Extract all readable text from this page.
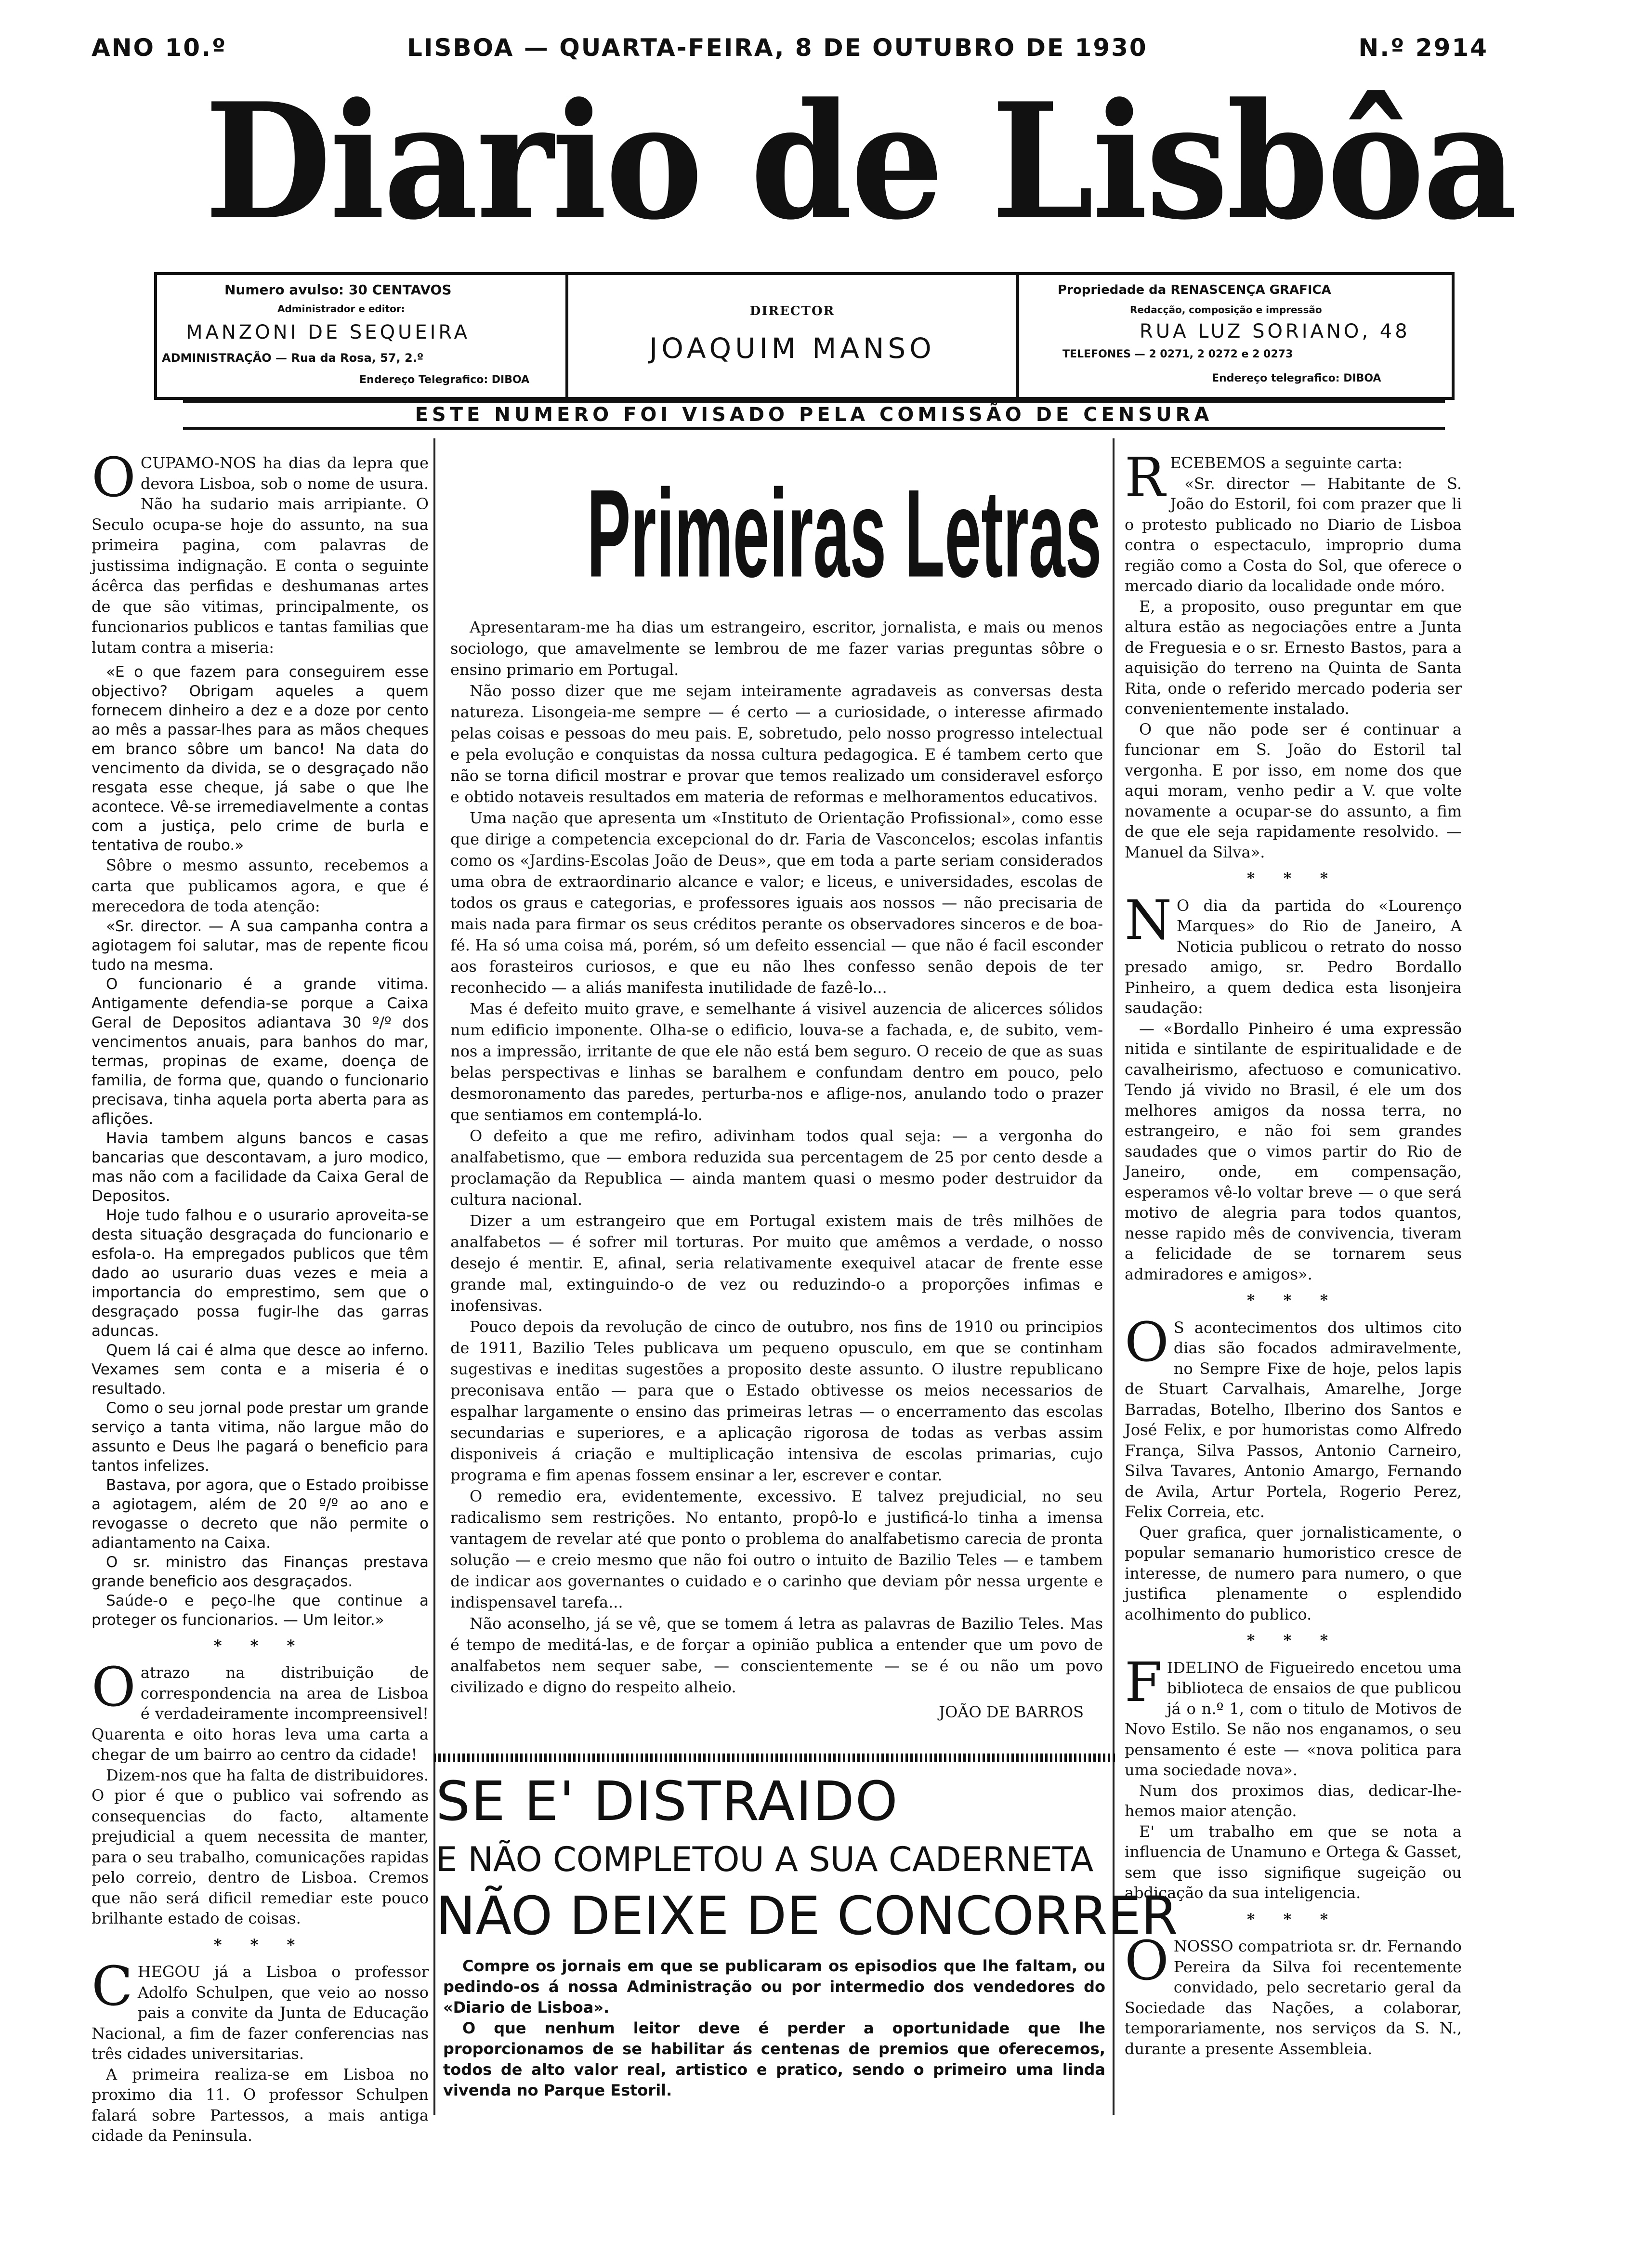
ANO 10.º	LISBOA — QUARTA-FEIRA, 8 DE OUTUBRO DE 1930	N.º 2914
Diario de Lisbôa
Numero avulso: 30 CENTAVOS
Administrador e editor:
MANZONI DE SEQUEIRA
ADMINISTRAÇÃO — Rua da Rosa, 57, 2.º
Endereço Telegrafico: DIBOA
DIRECTOR
JOAQUIM MANSO
Propriedade da RENASCENÇA GRAFICA
Redacção, composição e impressão
RUA LUZ SORIANO, 48
TELEFONES — 2 0271, 2 0272 e 2 0273
Endereço telegrafico: DIBOA
ESTE NUMERO FOI VISADO PELA COMISSÃO DE CENSURA

OCUPAMO-NOS ha dias da lepra que devora Lisboa, sob o nome de usura. Não ha sudario mais arripiante. O Seculo ocupa-se hoje do assunto, na sua primeira pagina, com palavras de justissima indignação. E conta o seguinte ácêrca das perfidas e deshumanas artes de que são vitimas, principalmente, os funcionarios publicos e tantas familias que lutam contra a miseria:

«E o que fazem para conseguirem esse objectivo? Obrigam aqueles a quem fornecem dinheiro a dez e a doze por cento ao mês a passar-lhes para as mãos cheques em branco sôbre um banco! Na data do vencimento da divida, se o desgraçado não resgata esse cheque, já sabe o que lhe acontece. Vê-se irremediavelmente a contas com a justiça, pelo crime de burla e tentativa de roubo.»

Sôbre o mesmo assunto, recebemos a carta que publicamos agora, e que é merecedora de toda atenção:

«Sr. director. — A sua campanha contra a agiotagem foi salutar, mas de repente ficou tudo na mesma.

O funcionario é a grande vitima. Antigamente defendia-se porque a Caixa Geral de Depositos adiantava 30 º/º dos vencimentos anuais, para banhos do mar, termas, propinas de exame, doença de familia, de forma que, quando o funcionario precisava, tinha aquela porta aberta para as aflições.

Havia tambem alguns bancos e casas bancarias que descontavam, a juro modico, mas não com a facilidade da Caixa Geral de Depositos.

Hoje tudo falhou e o usurario aproveita-se desta situação desgraçada do funcionario e esfola-o. Ha empregados publicos que têm dado ao usurario duas vezes e meia a importancia do emprestimo, sem que o desgraçado possa fugir-lhe das garras aduncas.

Quem lá cai é alma que desce ao inferno. Vexames sem conta e a miseria é o resultado.

Como o seu jornal pode prestar um grande serviço a tanta vitima, não largue mão do assunto e Deus lhe pagará o beneficio para tantos infelizes.

Bastava, por agora, que o Estado proibisse a agiotagem, além de 20 º/º ao ano e revogasse o decreto que não permite o adiantamento na Caixa.

O sr. ministro das Finanças prestava grande beneficio aos desgraçados.

Saúde-o e peço-lhe que continue a proteger os funcionarios. — Um leitor.»

* * *

Oatrazo na distribuição de correspondencia na area de Lisboa é verdadeiramente incompreensivel! Quarenta e oito horas leva uma carta a chegar de um bairro ao centro da cidade!

Dizem-nos que ha falta de distribuidores. O pior é que o publico vai sofrendo as consequencias do facto, altamente prejudicial a quem necessita de manter, para o seu trabalho, comunicações rapidas pelo correio, dentro de Lisboa. Cremos que não será dificil remediar este pouco brilhante estado de coisas.

* * *

CHEGOU já a Lisboa o professor Adolfo Schulpen, que veio ao nosso pais a convite da Junta de Educação Nacional, a fim de fazer conferencias nas três cidades universitarias.

A primeira realiza-se em Lisboa no proximo dia 11. O professor Schulpen falará sobre Partessos, a mais antiga cidade da Peninsula.

Primeiras Letras

Apresentaram-me ha dias um estrangeiro, escritor, jornalista, e mais ou menos sociologo, que amavelmente se lembrou de me fazer varias preguntas sôbre o ensino primario em Portugal.

Não posso dizer que me sejam inteiramente agradaveis as conversas desta natureza. Lisongeia-me sempre — é certo — a curiosidade, o interesse afirmado pelas coisas e pessoas do meu pais. E, sobretudo, pelo nosso progresso intelectual e pela evolução e conquistas da nossa cultura pedagogica. E é tambem certo que não se torna dificil mostrar e provar que temos realizado um consideravel esforço e obtido notaveis resultados em materia de reformas e melhoramentos educativos.

Uma nação que apresenta um «Instituto de Orientação Profissional», como esse que dirige a competencia excepcional do dr. Faria de Vasconcelos; escolas infantis como os «Jardins-Escolas João de Deus», que em toda a parte seriam considerados uma obra de extraordinario alcance e valor; e liceus, e universidades, escolas de todos os graus e categorias, e professores iguais aos nossos — não precisaria de mais nada para firmar os seus créditos perante os observadores sinceros e de boa-fé. Ha só uma coisa má, porém, só um defeito essencial — que não é facil esconder aos forasteiros curiosos, e que eu não lhes confesso senão depois de ter reconhecido — a aliás manifesta inutilidade de fazê-lo...

Mas é defeito muito grave, e semelhante á visivel auzencia de alicerces sólidos num edificio imponente. Olha-se o edificio, louva-se a fachada, e, de subito, vem-nos a impressão, irritante de que ele não está bem seguro. O receio de que as suas belas perspectivas e linhas se baralhem e confundam dentro em pouco, pelo desmoronamento das paredes, perturba-nos e aflige-nos, anulando todo o prazer que sentiamos em contemplá-lo.

O defeito a que me refiro, adivinham todos qual seja: — a vergonha do analfabetismo, que — embora reduzida sua percentagem de 25 por cento desde a proclamação da Republica — ainda mantem quasi o mesmo poder destruidor da cultura nacional.

Dizer a um estrangeiro que em Portugal existem mais de três milhões de analfabetos — é sofrer mil torturas. Por muito que amêmos a verdade, o nosso desejo é mentir. E, afinal, seria relativamente exequivel atacar de frente esse grande mal, extinguindo-o de vez ou reduzindo-o a proporções infimas e inofensivas.

Pouco depois da revolução de cinco de outubro, nos fins de 1910 ou principios de 1911, Bazilio Teles publicava um pequeno opusculo, em que se continham sugestivas e ineditas sugestões a proposito deste assunto. O ilustre republicano preconisava então — para que o Estado obtivesse os meios necessarios de espalhar largamente o ensino das primeiras letras — o encerramento das escolas secundarias e superiores, e a aplicação rigorosa de todas as verbas assim disponiveis á criação e multiplicação intensiva de escolas primarias, cujo programa e fim apenas fossem ensinar a ler, escrever e contar.

O remedio era, evidentemente, excessivo. E talvez prejudicial, no seu radicalismo sem restrições. No entanto, propô-lo e justificá-lo tinha a imensa vantagem de revelar até que ponto o problema do analfabetismo carecia de pronta solução — e creio mesmo que não foi outro o intuito de Bazilio Teles — e tambem de indicar aos governantes o cuidado e o carinho que deviam pôr nessa urgente e indispensavel tarefa...

Não aconselho, já se vê, que se tomem á letra as palavras de Bazilio Teles. Mas é tempo de meditá-las, e de forçar a opinião publica a entender que um povo de analfabetos nem sequer sabe, — conscientemente — se é ou não um povo civilizado e digno do respeito alheio.

JOÃO DE BARROS
SE E' DISTRAIDO
E NÃO COMPLETOU A SUA CADERNETA
NÃO DEIXE DE CONCORRER

Compre os jornais em que se publicaram os episodios que lhe faltam, ou pedindo-os á nossa Administração ou por intermedio dos vendedores do «Diario de Lisboa».

O que nenhum leitor deve é perder a oportunidade que lhe proporcionamos de se habilitar ás centenas de premios que oferecemos, todos de alto valor real, artistico e pratico, sendo o primeiro uma linda vivenda no Parque Estoril.

RECEBEMOS a seguinte carta:

«Sr. director — Habitante de S. João do Estoril, foi com prazer que li o protesto publicado no Diario de Lisboa contra o espectaculo, improprio duma região como a Costa do Sol, que oferece o mercado diario da localidade onde móro.

E, a proposito, ouso preguntar em que altura estão as negociações entre a Junta de Freguesia e o sr. Ernesto Bastos, para a aquisição do terreno na Quinta de Santa Rita, onde o referido mercado poderia ser convenientemente instalado.

O que não pode ser é continuar a funcionar em S. João do Estoril tal vergonha. E por isso, em nome dos que aqui moram, venho pedir a V. que volte novamente a ocupar-se do assunto, a fim de que ele seja rapidamente resolvido. — Manuel da Silva».

* * *

N O dia da partida do «Lourenço Marques» do Rio de Janeiro, A Noticia publicou o retrato do nosso presado amigo, sr. Pedro Bordallo Pinheiro, a quem dedica esta lisonjeira saudação:

— «Bordallo Pinheiro é uma expressão nitida e sintilante de espiritualidade e de cavalheirismo, afectuoso e comunicativo. Tendo já vivido no Brasil, é ele um dos melhores amigos da nossa terra, no estrangeiro, e não foi sem grandes saudades que o vimos partir do Rio de Janeiro, onde, em compensação, esperamos vê-lo voltar breve — o que será motivo de alegria para todos quantos, nesse rapido mês de convivencia, tiveram a felicidade de se tornarem seus admiradores e amigos».

* * *

O S acontecimentos dos ultimos cito dias são focados admiravelmente, no Sempre Fixe de hoje, pelos lapis de Stuart Carvalhais, Amarelhe, Jorge Barradas, Botelho, Ilberino dos Santos e José Felix, e por humoristas como Alfredo França, Silva Passos, Antonio Carneiro, Silva Tavares, Antonio Amargo, Fernando de Avila, Artur Portela, Rogerio Perez, Felix Correia, etc.

Quer grafica, quer jornalisticamente, o popular semanario humoristico cresce de interesse, de numero para numero, o que justifica plenamente o esplendido acolhimento do publico.

* * *

FIDELINO de Figueiredo encetou uma biblioteca de ensaios de que publicou já o n.º 1, com o titulo de Motivos de Novo Estilo. Se não nos enganamos, o seu pensamento é este — «nova politica para uma sociedade nova».

Num dos proximos dias, dedicar-lhe-hemos maior atenção.

E' um trabalho em que se nota a influencia de Unamuno e Ortega & Gasset, sem que isso signifique sugeição ou abdicação da sua inteligencia.

* * *

ONOSSO compatriota sr. dr. Fernando Pereira da Silva foi recentemente convidado, pelo secretario geral da Sociedade das Nações, a colaborar, temporariamente, nos serviços da S. N., durante a presente Assembleia.
